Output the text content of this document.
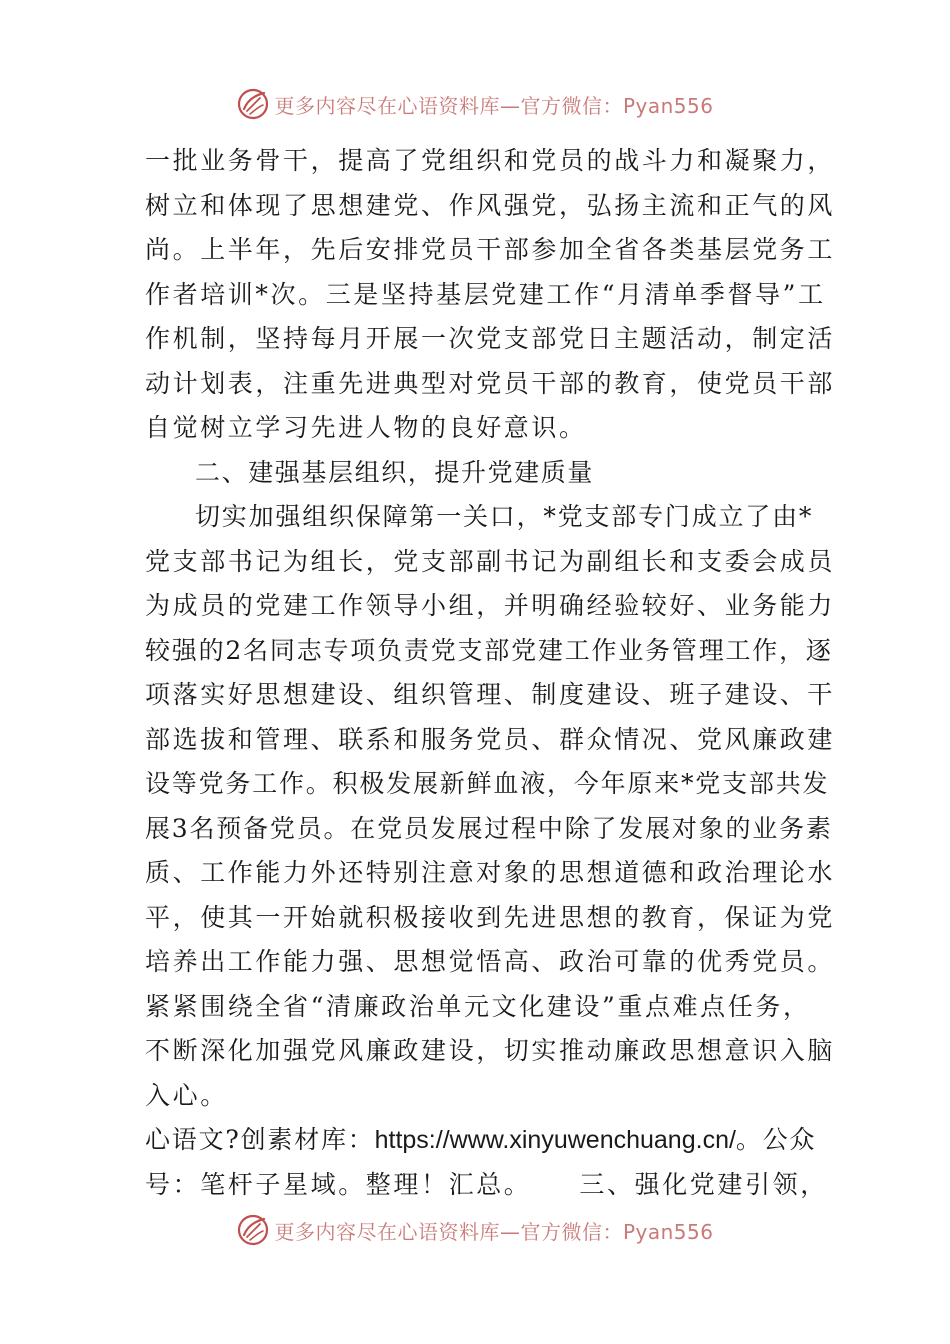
更多内容尽在心语资料库—官方微信：Pyan556
一批业务骨干，提高了党组织和党员的战斗力和凝聚力，
树立和体现了思想建党、作风强党，弘扬主流和正气的风
尚。上半年，先后安排党员干部参加全省各类基层党务工
作者培训*次。三是坚持基层党建工作“月清单季督导”工
作机制，坚持每月开展一次党支部党日主题活动，制定活
动计划表，注重先进典型对党员干部的教育，使党员干部
自觉树立学习先进人物的良好意识。
二、建强基层组织，提升党建质量
切实加强组织保障第一关口，*党支部专门成立了由*
党支部书记为组长，党支部副书记为副组长和支委会成员
为成员的党建工作领导小组，并明确经验较好、业务能力
较强的2名同志专项负责党支部党建工作业务管理工作，逐
项落实好思想建设、组织管理、制度建设、班子建设、干
部选拔和管理、联系和服务党员、群众情况、党风廉政建
设等党务工作。积极发展新鲜血液，今年原来*党支部共发
展3名预备党员。在党员发展过程中除了发展对象的业务素
质、工作能力外还特别注意对象的思想道德和政治理论水
平，使其一开始就积极接收到先进思想的教育，保证为党
培养出工作能力强、思想觉悟高、政治可靠的优秀党员。
紧紧围绕全省“清廉政治单元文化建设”重点难点任务，
不断深化加强党风廉政建设，切实推动廉政思想意识入脑
入心。
心语文?创素材库：https://www.xinyuwenchuang.cn/。公众
号：笔杆子星域。整理！汇总。 三、强化党建引领，
更多内容尽在心语资料库—官方微信：Pyan556
